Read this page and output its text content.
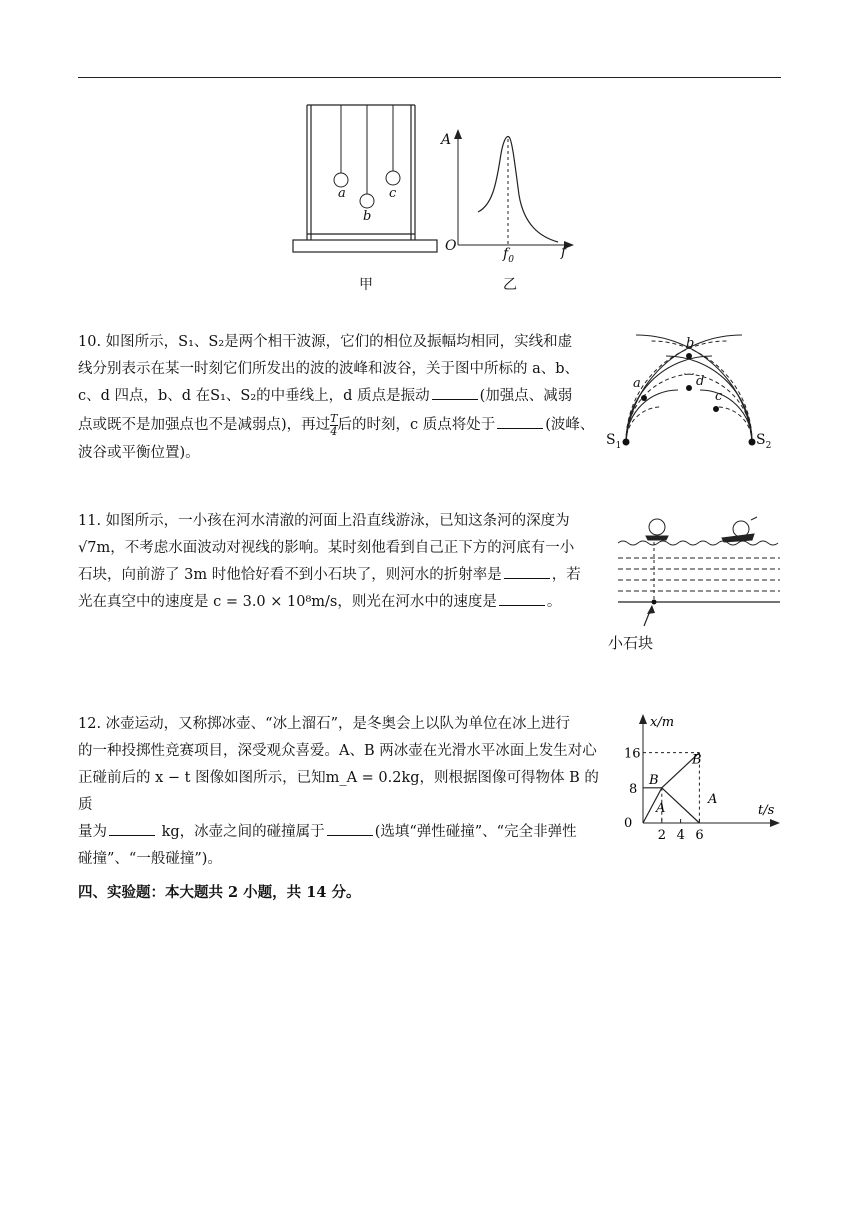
a
b
c
甲
A
O	$f_0$	f
乙
10. 如图所示，S₁、S₂是两个相干波源，它们的相位及振幅均相同，实线和虚
线分别表示在某一时刻它们所发出的波的波峰和波谷，关于图中所标的 a、b、
c、d 四点，b、d 在S₁、S₂的中垂线上，d 质点是振动	(加强点、减弱
点或既不是加强点也不是减弱点)，再过 $\frac{T}{4}$ 后的时刻，c 质点将处于	(波峰、
波谷或平衡位置)。
b
d
a
c
$S_1$	$S_2$
11. 如图所示，一小孩在河水清澈的河面上沿直线游泳，已知这条河的深度为
√7m，不考虑水面波动对视线的影响。某时刻他看到自己正下方的河底有一小
石块，向前游了 3m 时他恰好看不到小石块了，则河水的折射率是	，若
光在真空中的速度是 c = 3.0 × 10⁸m/s，则光在河水中的速度是	。
小石块
12. 冰壶运动，又称掷冰壶、“冰上溜石”，是冬奥会上以队为单位在冰上进行
的一种投掷性竞赛项目，深受观众喜爱。A、B 两冰壶在光滑水平冰面上发生对心
正碰前后的 x − t 图像如图所示，已知m_A = 0.2kg，则根据图像可得物体 B 的质
量为	kg，冰壶之间的碰撞属于	(选填“弹性碰撞”、“完全非弹性
碰撞”、“一般碰撞”)。
x/m
t/s
2 4 6
0
8
16
B
B
A
A
四、实验题：本大题共 2 小题，共 14 分。
